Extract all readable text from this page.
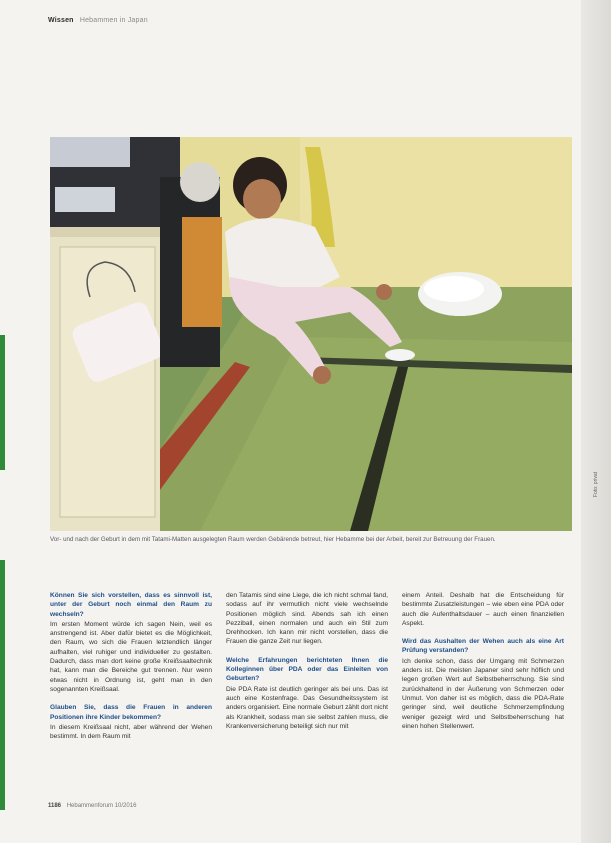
Wissen Hebammen in Japan
Foto: privat
Vor- und nach der Geburt in dem mit Tatami-Matten ausgelegten Raum werden Gebärende betreut, hier Hebamme bei der Arbeit, bereit zur Betreuung der Frauen.
Können Sie sich vorstellen, dass es sinnvoll ist, unter der Geburt noch einmal den Raum zu wechseln?

Im ersten Moment würde ich sagen Nein, weil es anstrengend ist. Aber dafür bietet es die Möglichkeit, den Raum, wo sich die Frauen letztendlich länger aufhalten, viel ruhiger und individueller zu gestalten. Dadurch, dass man dort keine große Kreißsaaltechnik hat, kann man die Bereiche gut trennen. Nur wenn etwas nicht in Ordnung ist, geht man in den sogenannten Kreißsaal.

Glauben Sie, dass die Frauen in anderen Positionen ihre Kinder bekommen?

In diesem Kreißsaal nicht, aber während der Wehen bestimmt. In dem Raum mit

den Tatamis sind eine Liege, die ich nicht schmal fand, sodass auf ihr vermutlich nicht viele wechselnde Positionen möglich sind. Abends sah ich einen Pezziball, einen normalen und auch ein Stil zum Drehhocken. Ich kann mir nicht vorstellen, dass die Frauen die ganze Zeit nur liegen.

Welche Erfahrungen berichteten Ihnen die Kolleginnen über PDA oder das Einleiten von Geburten?

Die PDA Rate ist deutlich geringer als bei uns. Das ist auch eine Kostenfrage. Das Gesundheitssystem ist anders organisiert. Eine normale Geburt zählt dort nicht als Krankheit, sodass man sie selbst zahlen muss, die Krankenversicherung beteiligt sich nur mit

einem Anteil. Deshalb hat die Entscheidung für bestimmte Zusatzleistungen – wie eben eine PDA oder auch die Aufenthaltsdauer – auch einen finanziellen Aspekt.

Wird das Aushalten der Wehen auch als eine Art Prüfung verstanden?

Ich denke schon, dass der Umgang mit Schmerzen anders ist. Die meisten Japaner sind sehr höflich und legen großen Wert auf Selbstbeherrschung. Sie sind zurückhaltend in der Äußerung von Schmerzen oder Unmut. Von daher ist es möglich, dass die PDA-Rate geringer sind, weil deutliche Schmerzempfindung weniger gezeigt wird und Selbstbeherrschung hat einen hohen Stellenwert.

1186 Hebammenforum 10/2016
